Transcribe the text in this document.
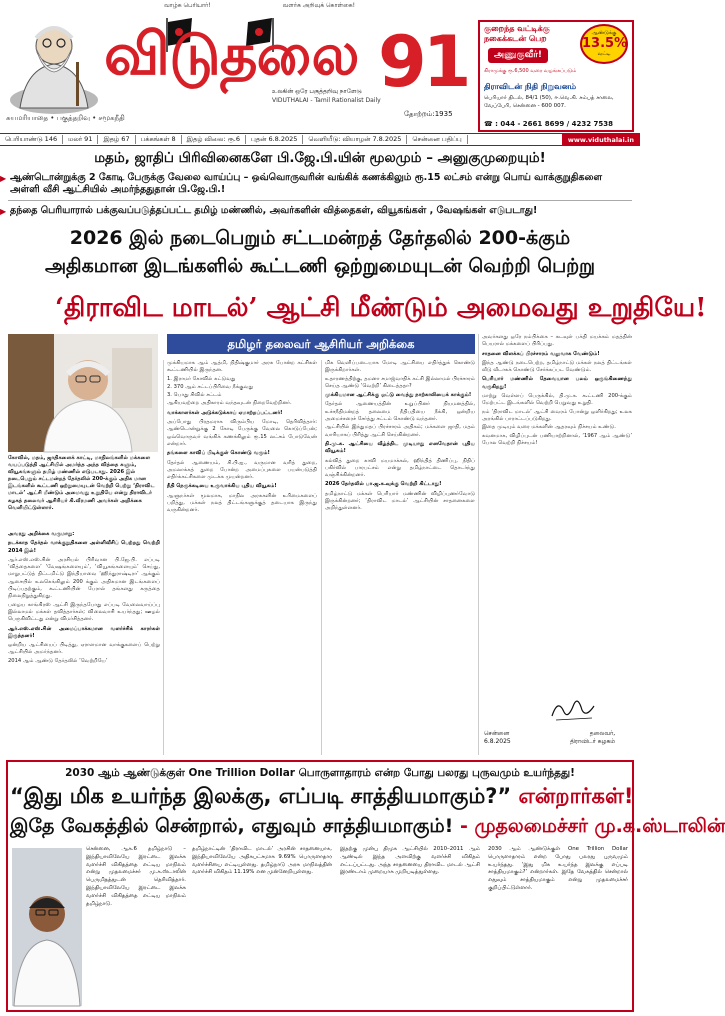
சுயமரியாதை • பகுத்தறிவு • சமூகநீதி
வாழ்க பெரியார்!	வளர்க அறிவுக் கொள்கை!
விடுதலை 91
உலகின் ஒரே பகுத்தறிவு நாளேடு
VIDUTHALAI - Tamil Rationalist Daily
தோற்றம்:1935
குறைந்த வட்டிக்கு நகைக்கடன் பெற
ஆண்டுக்கு
13.5%
வட்டி
அணுகுவீர்!
கிராமுக்கு ரூ.6,500 வரை வழங்கப்படும்
திராவிடன் நிதி நிறுவனம்
பெரியார் திடல், 84/1 (50), ஈ.வெ.கி. சம்பத் சாலை, வேப்பேரி, சென்னை - 600 007.
☎ : 044 - 2661 8699 / 4232 7538
பெரியாண்டு 146	மலர் 91	இதழ் 67	பக்கங்கள் 8	இதழ் விலை: ரூ.6	புதன் 6.8.2025	வெளியீடு: வியாழன் 7.8.2025	சென்னை பதிப்பு	www.viduthalai.in
மதம், ஜாதிப் பிரிவினைகளே பி.ஜே.பி.யின் மூலமும் – அனுகுமுறையும்!
▶ ஆண்டொன்றுக்கு 2 கோடி பேருக்கு வேலை வாய்ப்பு – ஒவ்வொருவரின் வங்கிக் கணக்கிலும் ரூ.15 லட்சம் என்று பொய் வாக்குறுதிகளை அள்ளி வீசி ஆட்சியில் அமர்ந்ததுதான் பி.ஜே.பி.!
▶ தந்தை பெரியாரால் பக்குவப்படுத்தப்பட்ட தமிழ் மண்ணில், அவர்களின் வித்தைகள், வியூகங்கள் , வேஷங்கள் எடுபடாது!
2026 இல் நடைபெறும் சட்டமன்றத் தேர்தலில் 200-க்கும்
அதிகமான இடங்களில் கூட்டணி ஒற்றுமையுடன் வெற்றி பெற்று
‘திராவிட மாடல்’ ஆட்சி மீண்டும் அமைவது உறுதியே!
கோவில், மதம், ஜாதிகளைக் காட்டி, மாநிலங்களில் மக்களை வயப்படுத்தி ஆட்சியில் அமர்ந்த அந்த வித்தை களும், வியூகங்களும் தமிழ் மண்ணில் எடுபடாது. 2026 இல் நடைபெறும் சட்டமன்றத் தேர்தலில் 200-க்கும் அதிக மான இடங்களில் கூட்டணி ஒற்றுமையுடன் வெற்றி பெற்று ‘திராவிட மாடல்’ ஆட்சி மீண்டும் அமைவது உறுதியே என்று திராவிடர் கழகத் தலைவர் ஆசிரியர் கி.வீரமணி அவர்கள் அறிக்கை வெளியிட்டுள்ளார்.
தமிழர் தலைவர் ஆசிரியர் அறிக்கை

அவரது அறிக்கை வருமாறு:

நடக்காத தேர்தல் வாக்குறுதிகளை அள்ளிவீசிப் பெற்றது வெற்றி 2014 இல்!

ஆர்.எஸ்.எஸ்.சின் அரசியல் பிரிவான பி.ஜே.பி. எப்படி ‘வித்தைகளை’ ‘வேஷங்களையும்’, ‘வியூகங்களையும்’ செய்து, மாறுபட்டுத் திட்டமிட்டு இந்தியாவை ‘ஹிந்துராஷ்டிரா’ ஆக்கும் ஆசையில் உலகெங்கிலும் 200 க்கும் அதிகமான இடங்களைப் பிடிப்பதற்கும், கூட்டணியின் பேரால் தங்களது கருத்தை நிலைநிறுத்துகிறது.

பழைய காங்கிரஸ் ஆட்சி இருந்தபோது எப்படி வேலைவாய்ப்பு இல்லாமல் மக்கள் தவித்தார்கள்; விலைவாசி உயர்ந்தது; ஊழல் பெருகிவிட்டது என்று விமர்சித்தனர்.

ஆர்.எஸ்.எஸ்.சின் அமைப்பாக்கமான வளர்ச்சிக் காரர்கள் இருந்தனர்!

ஒன்றிய ஆட்சியைப் பிடித்து, ஏராளமான வாக்குகளைப் பெற்று ஆட்சியில் அமர்ந்தனர்.

2014 ஆம் ஆண்டு தேர்தலில் ‘வெற்றியே’

முக்கியமாக ஆம் ஆத்மி, நிதிஷ்குமார் அரசு போன்ற கட்சிகள் கூட்டணியில் இருந்தன.

1. இராமர் கோவில் கட்டுவது

2. 370 ஆம் சட்டப்பிரிவை நீக்குவது

3. பொது சிவில் சட்டம்

ஆகியவற்றை அதிகாரம் வந்தவுடன் நிறைவேற்றினர்.

வாக்காளர்கள் அடுக்கடுக்காய் ஏமாற்றப்பட்டனர்!

அப்போது பிரதமராக விரும்பிய மோடி, தெரிவித்தார்: ஆண்டொன்றுக்கு 2 கோடி பேருக்கு வேலை கொடுப்பேன்; ஒவ்வொருவர் வங்கிக் கணக்கிலும் ரூ.15 லட்சம் போடுவேன் என்றார்.

தங்களை காவிப் பிடிக்குள் கொண்டு வரும்!

தேர்தல் ஆணையம், சி.பி.ஐ., வருமான வரித் துறை, அமலாக்கத் துறை போன்ற அமைப்புகளை பயன்படுத்தி எதிர்க்கட்சிகளை முடக்க முயன்றனர்.

நீதி நெருக்கடியை உருவாக்கிய புதிய வியூகம்!

ஆளுநர்கள் மூலமாக, மாநில அரசுகளின் உரிமைகளைப் பறித்து, மக்கள் நலத் திட்டங்களுக்குத் தடையாக இருந்து வருகின்றனர்.

மிக வெளிப்படையாக மோடி ஆட்சியை எதிர்த்துக் கொண்டு இருக்கிறார்கள்.

உதாரணத்திற்கு, தமனா சமாஜ்வாதிக் கட்சி இல்லாமல் பிரச்சாரம் செய்த ஆண்டு ‘வெற்றி’ கிடைத்ததா?

முக்கியமான ஆட்சிக்கு ஓட்டு வைத்து நாற்காலியைக் காக்கும்!

தேர்தல் ஆணையத்தின் உறுப்பினர் நியமனத்தில், உச்சநீதிமன்றத் தலைமை நீதிபதியை நீக்கி, ஒன்றிய அமைச்சரைச் சேர்த்து சட்டம் கொண்டு வந்தனர்.

ஆட்சியில் இந்துமதப் பிரச்சாரம் அதிகம்; மக்களை ஜாதி, மதம் வாரியாகப் பிரித்து ஆட்சி செய்கின்றனர்.

தி.மு.க. ஆட்சியை வீழ்த்திட முடியாது எனவேதான் புதிய வியூகம்!

கல்வித் துறை காவி மயமாக்கல், ஹிந்தித் திணிப்பு, நிதிப் பகிர்வில் பாரபட்சம் என்று தமிழ்நாட்டை தொடர்ந்து வஞ்சிக்கின்றனர்.

2026 தேர்தலில் பா.ஜ.க.வுக்கு வெற்றி கிட்டாது!

தமிழ்நாட்டு மக்கள் பெரியார் மண்ணின் விழிப்புணர்வோடு இருக்கின்றனர்; ‘திராவிட மாடல்’ ஆட்சியின் சாதனைகளை அறிந்துள்ளனர்.

அவர்களது ஒரே நம்பிக்கை – கடவுள் பக்தி மயக்கம் மதத்தின் பெயரால் மக்களைப் பிரிப்பது.

சாதனை விளக்கப் பிரச்சாரம் வலுவாக வேண்டும்!

இந்த ஆண்டு நடைபெற்ற, தமிழ்நாட்டு மக்கள் நலத் திட்டங்கள் வீடு வீடாகக் கொண்டு சேர்க்கப்பட வேண்டும்.

பெரியார் மண்ணில் தேவையான பலம் ஒருங்கிணைந்து வருகிறது!

மாற்று வெள்ளப் பெருக்கில், தி.மு.க. கூட்டணி 200-க்கும் மேற்பட்ட இடங்களில் வெற்றி பெறுவது உறுதி.

நம் ‘திராவிட மாடல்’ ஆட்சி வைரம் போன்று ஒளிர்கிறது; உலக அரங்கில் பாராட்டப்படுகிறது.

இதை முடியும் வரை மக்களின் ஆதரவும் நிச்சயம் உண்டு.

கவனமாக, விழிப்புடன் பணியாற்றினால், ‘1967 ஆம் ஆண்டு’ போல வெற்றி நிச்சயம்!

சென்னை
6.8.2025
தலைவர்,
திராவிடர் கழகம்
2030 ஆம் ஆண்டுக்குள் One Trillion Dollar பொருளாதாரம் என்ற போது பலரது புருவமும் உயர்ந்தது!
“இது மிக உயர்ந்த இலக்கு, எப்படி சாத்தியமாகும்?” என்றார்கள்!
இதே வேகத்தில் சென்றால், எதுவும் சாத்தியமாகும்! - முதலமைச்சர் மு.க.ஸ்டாலின்
சென்னை, ஆக.6 தமிழ்நாடு – இந்தியாவிலேயே இரட்டை இலக்க வளர்ச்சி விகிதத்தை எட்டிய மாநிலம் என்று முதலமைச்சர் மு.க.ஸ்டாலின் பெருமிதத்துடன் தெரிவித்தார். இந்தியாவிலேயே இரட்டை இலக்க வளர்ச்சி விகிதத்தை எட்டிய மாநிலம் தமிழ்நாடு.
தமிழ்நாட்டின் ‘திராவிட மாடல்’ அரசின் சாதனையாக, இந்தியாவிலேயே அதிகபட்சமாக 9.69% பொருளாதார வளர்ச்சியை எட்டியுள்ளது. தமிழ்நாடு அரசு மாநிலத்தின் வளர்ச்சி விகிதம் 11.19% என முன்னேறியுள்ளது.
இதற்கு முன்பு திமுக ஆட்சியில் 2010–2011 ஆம் ஆண்டில் இந்த அளவிற்கு வளர்ச்சி விகிதம் எட்டப்பட்டது. அந்த சாதனையை திராவிட மாடல் ஆட்சி இரண்டாம் முறையாக முறியடித்துள்ளது.
2030 ஆம் ஆண்டுக்குள் One Trillion Dollar பொருளாதாரம் என்ற போது பலரது புருவமும் உயர்ந்தது. ‘இது மிக உயர்ந்த இலக்கு எப்படி சாத்தியமாகும்?’ என்றார்கள். இதே வேகத்தில் சென்றால் எதுவும் சாத்தியமாகும் என்று முதலமைச்சர் குறிப்பிட்டுள்ளார்.
